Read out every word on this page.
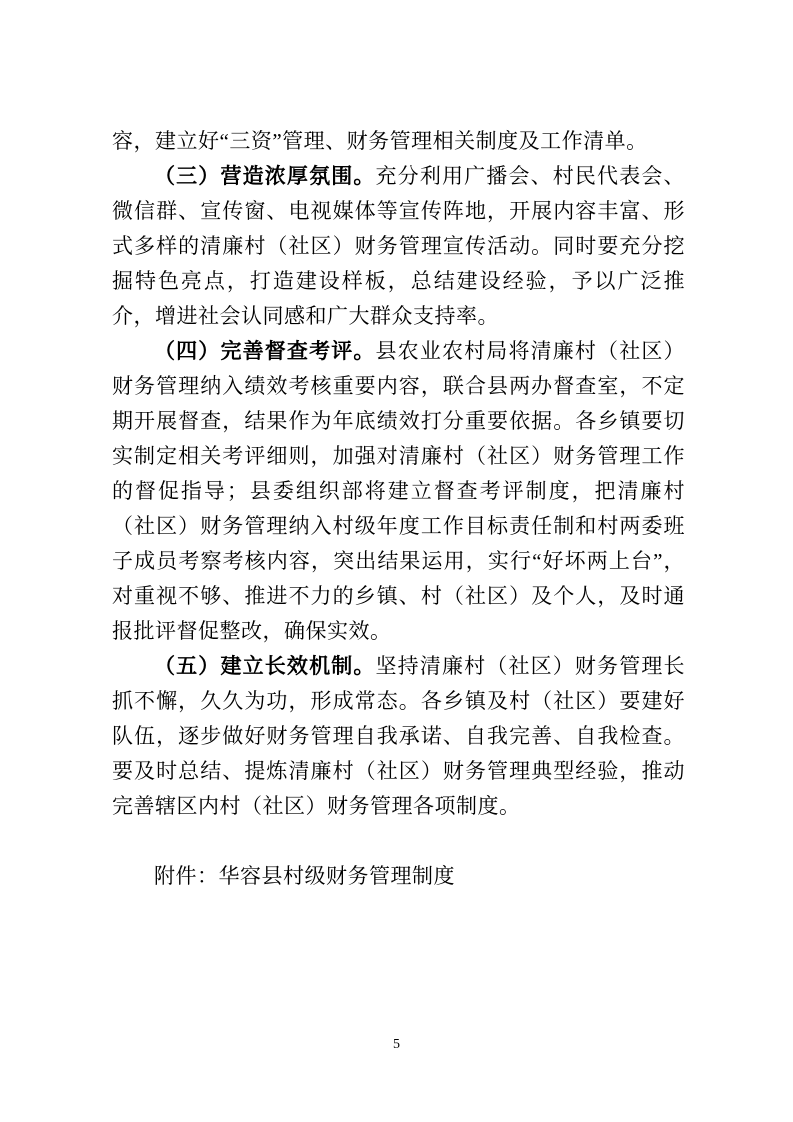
容，建立好“三资”管理、财务管理相关制度及工作清单。

（三）营造浓厚氛围。充分利用广播会、村民代表会、微信群、宣传窗、电视媒体等宣传阵地，开展内容丰富、形式多样的清廉村（社区）财务管理宣传活动。同时要充分挖掘特色亮点，打造建设样板，总结建设经验，予以广泛推介，增进社会认同感和广大群众支持率。

（四）完善督查考评。县农业农村局将清廉村（社区）财务管理纳入绩效考核重要内容，联合县两办督查室，不定期开展督查，结果作为年底绩效打分重要依据。各乡镇要切实制定相关考评细则，加强对清廉村（社区）财务管理工作的督促指导；县委组织部将建立督查考评制度，把清廉村（社区）财务管理纳入村级年度工作目标责任制和村两委班子成员考察考核内容，突出结果运用，实行“好坏两上台”，对重视不够、推进不力的乡镇、村（社区）及个人，及时通报批评督促整改，确保实效。

（五）建立长效机制。坚持清廉村（社区）财务管理长抓不懈，久久为功，形成常态。各乡镇及村（社区）要建好队伍，逐步做好财务管理自我承诺、自我完善、自我检查。要及时总结、提炼清廉村（社区）财务管理典型经验，推动完善辖区内村（社区）财务管理各项制度。

附件：华容县村级财务管理制度

5
